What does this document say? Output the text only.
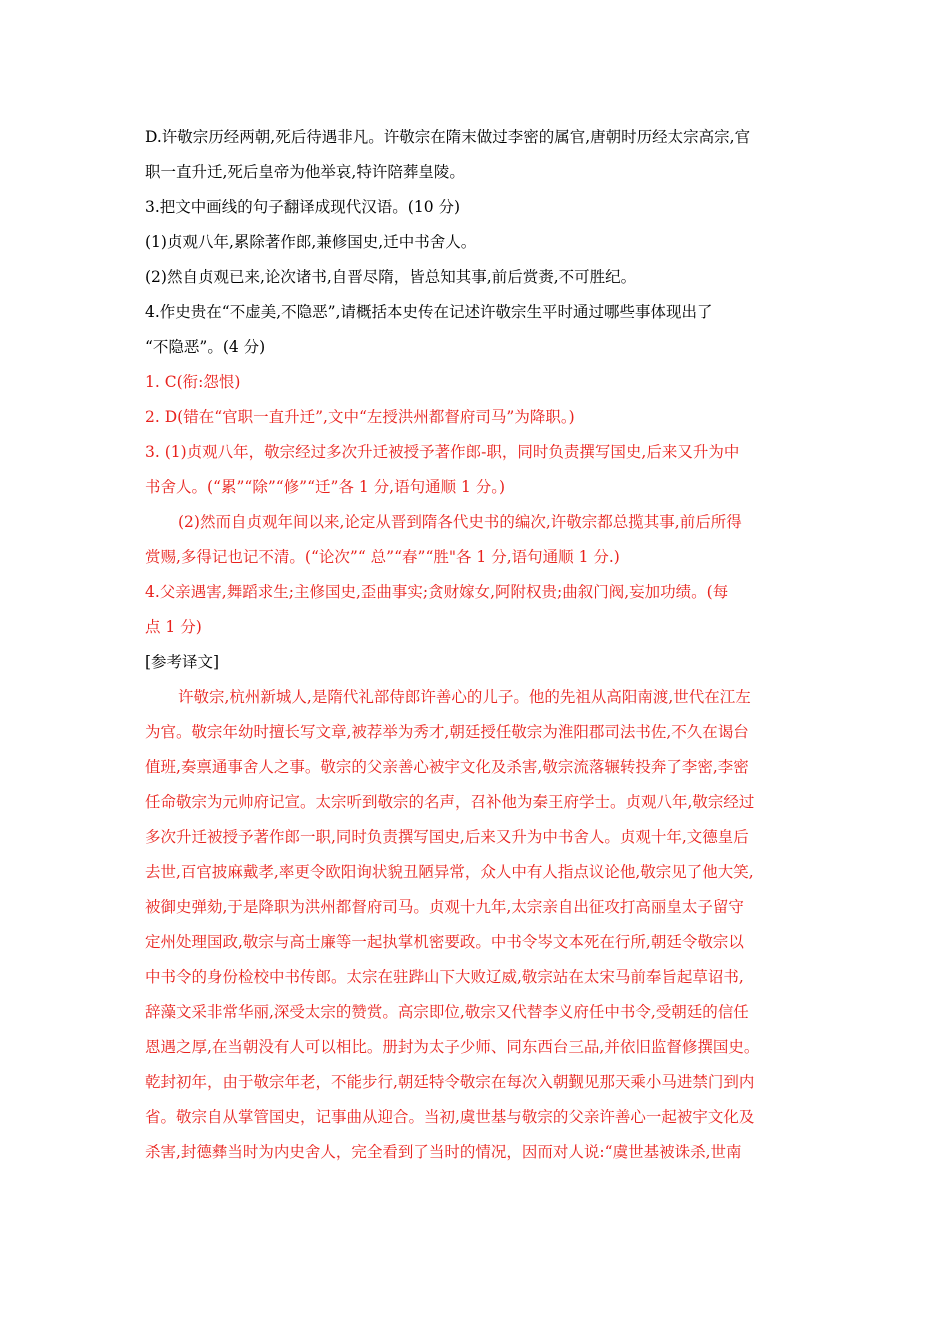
D.许敬宗历经两朝,死后待遇非凡。许敬宗在隋末做过李密的属官,唐朝时历经太宗高宗,官
职一直升迁,死后皇帝为他举哀,特许陪葬皇陵。
3.把文中画线的句子翻译成现代汉语。(10 分)
(1)贞观八年,累除著作郎,兼修国史,迁中书舍人。
(2)然自贞观已来,论次诸书,自晋尽隋，皆总知其事,前后赏赉,不可胜纪。
4.作史贵在“不虚美,不隐恶”,请概括本史传在记述许敬宗生平时通过哪些事体现出了
“不隐恶”。(4 分)
1. C(衔:怨恨)
2. D(错在“官职一直升迁”,文中“左授洪州都督府司马”为降职。)
3. (1)贞观八年，敬宗经过多次升迁被授予著作郎-职，同时负责撰写国史,后来又升为中
书舍人。(“累”“除”“修”“迁”各 1 分,语句通顺 1 分。)
(2)然而自贞观年间以来,论定从晋到隋各代史书的编次,许敬宗都总揽其事,前后所得
赏赐,多得记也记不清。(“论次”“ 总”“春”“胜"各 1 分,语句通顺 1 分.)
4.父亲遇害,舞蹈求生;主修国史,歪曲事实;贪财嫁女,阿附权贵;曲叙门阀,妄加功绩。(每
点 1 分)
[参考译文]
许敬宗,杭州新城人,是隋代礼部侍郎许善心的儿子。他的先祖从高阳南渡,世代在江左
为官。敬宗年幼时擅长写文章,被荐举为秀才,朝廷授任敬宗为淮阳郡司法书佐,不久在谒台
值班,奏禀通事舍人之事。敬宗的父亲善心被宇文化及杀害,敬宗流落辗转投奔了李密,李密
任命敬宗为元帅府记宣。太宗听到敬宗的名声，召补他为秦王府学士。贞观八年,敬宗经过
多次升迁被授予著作郎一职,同时负责撰写国史,后来又升为中书舍人。贞观十年,文德皇后
去世,百官披麻戴孝,率更令欧阳询状貌丑陋异常，众人中有人指点议论他,敬宗见了他大笑,
被御史弹劾,于是降职为洪州都督府司马。贞观十九年,太宗亲自出征攻打高丽皇太子留守
定州处理国政,敬宗与高士廉等一起执掌机密要政。中书令岑文本死在行所,朝廷令敬宗以
中书令的身份检校中书传郎。太宗在驻跸山下大败辽威,敬宗站在太宋马前奉旨起草诏书,
辞藻文采非常华丽,深受太宗的赞赏。高宗即位,敬宗又代替李义府任中书令,受朝廷的信任
恩遇之厚,在当朝没有人可以相比。册封为太子少师、同东西台三品,并依旧监督修撰国史。
乾封初年，由于敬宗年老，不能步行,朝廷特令敬宗在每次入朝觐见那天乘小马进禁门到内
省。敬宗自从掌管国史，记事曲从迎合。当初,虞世基与敬宗的父亲许善心一起被宇文化及
杀害,封德彝当时为内史舍人，完全看到了当时的情况，因而对人说:“虞世基被诛杀,世南
